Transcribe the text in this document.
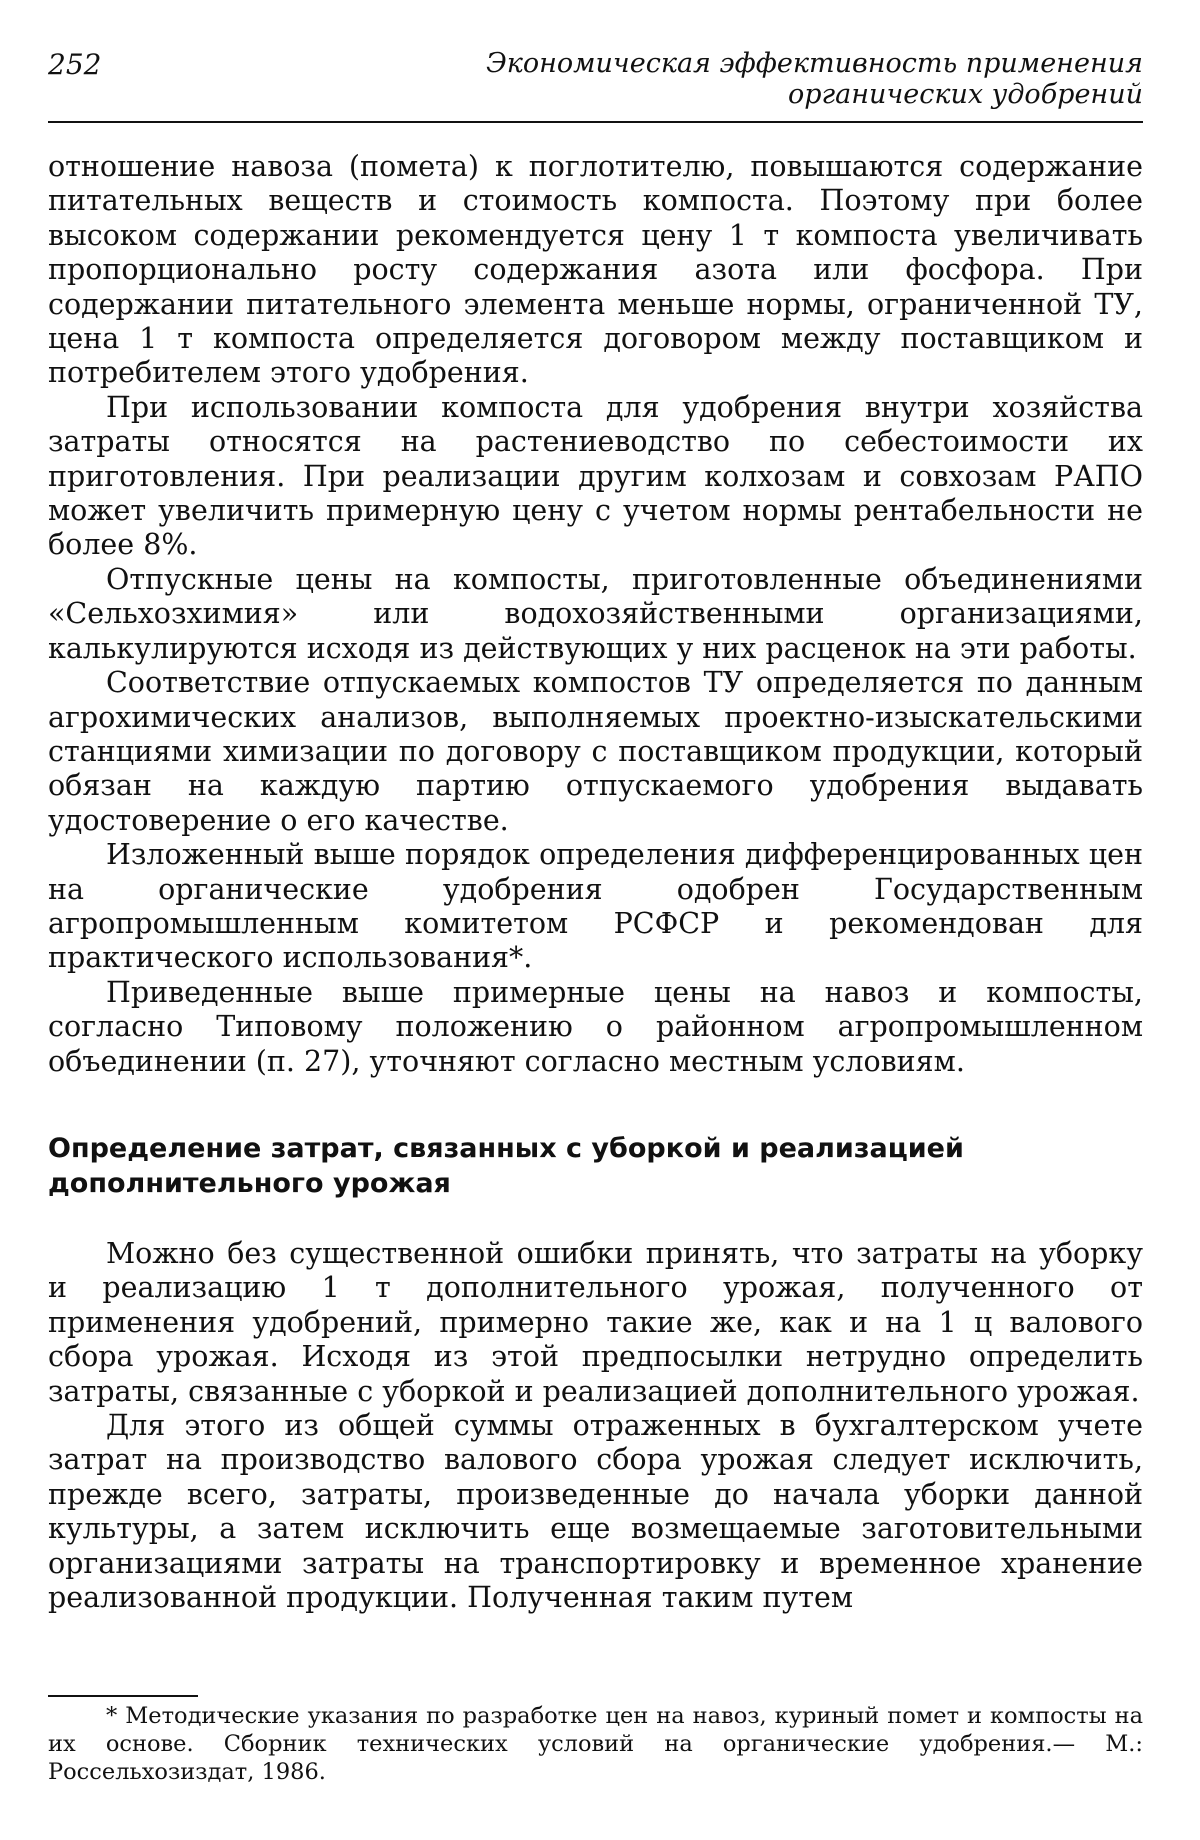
252	Экономическая эффективность применения
органических удобрений

отношение навоза (помета) к поглотителю, повышаются содержание питательных веществ и стоимость компоста. Поэтому при более высоком содержании рекомендуется цену 1 т компоста увеличивать пропорционально росту содержания азота или фосфора. При содержании питательного элемента меньше нормы, ограниченной ТУ, цена 1 т компоста определяется договором между поставщиком и потребителем этого удобрения.

При использовании компоста для удобрения внутри хозяйства затраты относятся на растениеводство по себестоимости их приготовления. При реализации другим колхозам и совхозам РАПО может увеличить примерную цену с учетом нормы рентабельности не более 8%.

Отпускные цены на компосты, приготовленные объединениями «Сельхозхимия» или водохозяйственными организациями, калькулируются исходя из действующих у них расценок на эти работы.

Соответствие отпускаемых компостов ТУ определяется по данным агрохимических анализов, выполняемых проектно-изыскательскими станциями химизации по договору с поставщиком продукции, который обязан на каждую партию отпускаемого удобрения выдавать удостоверение о его качестве.

Изложенный выше порядок определения дифференцированных цен на органические удобрения одобрен Государственным агропромышленным комитетом РСФСР и рекомендован для практического использования*.

Приведенные выше примерные цены на навоз и компосты, согласно Типовому положению о районном агропромышленном объединении (п. 27), уточняют согласно местным условиям.

Определение затрат, связанных с уборкой и реализацией дополнительного урожая

Можно без существенной ошибки принять, что затраты на уборку и реализацию 1 т дополнительного урожая, полученного от применения удобрений, примерно такие же, как и на 1 ц валового сбора урожая. Исходя из этой предпосылки нетрудно определить затраты, связанные с уборкой и реализацией дополнительного урожая.

Для этого из общей суммы отраженных в бухгалтерском учете затрат на производство валового сбора урожая следует исключить, прежде всего, затраты, произведенные до начала уборки данной культуры, а затем исключить еще возмещаемые заготовительными организациями затраты на транспортировку и временное хранение реализованной продукции. Полученная таким путем

* Методические указания по разработке цен на навоз, куриный помет и компосты на их основе. Сборник технических условий на органические удобрения.— М.: Россельхозиздат, 1986.
